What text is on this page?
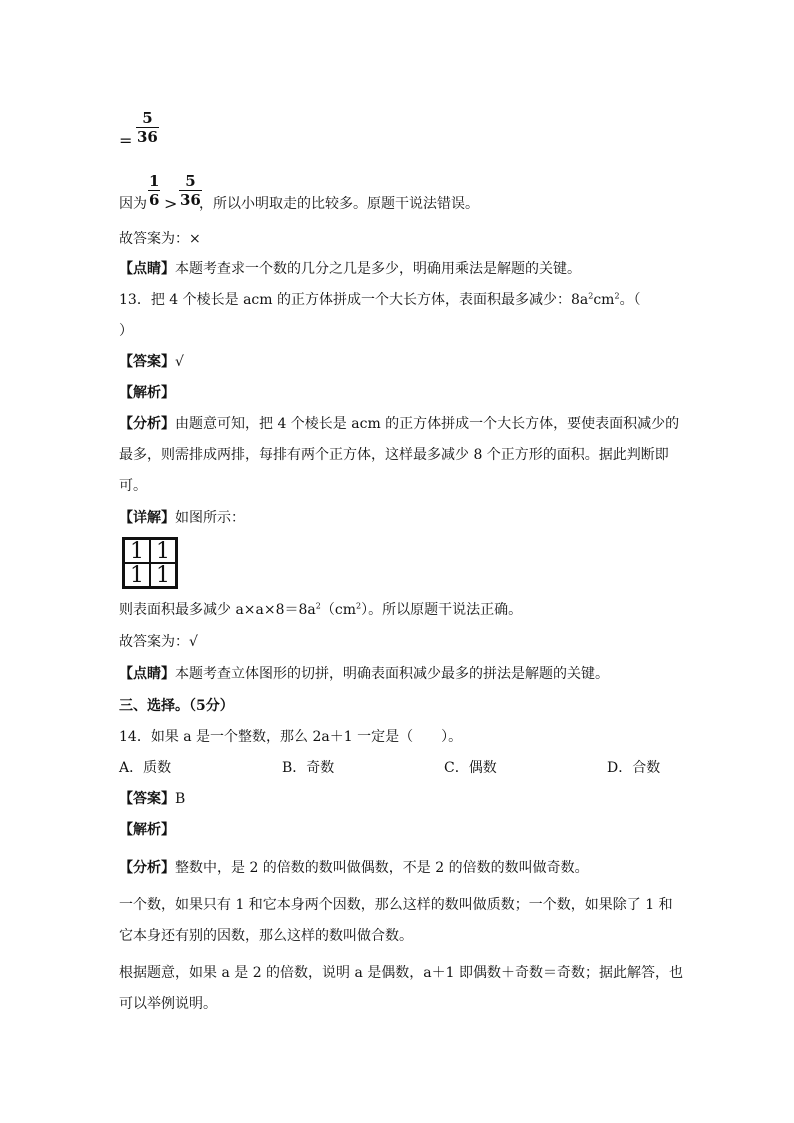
= $\frac{5}{36}$
因为 $\frac{1}{6} > \frac{5}{36}$
，所以小明取走的比较多。原题干说法错误。
故答案为：×
【点睛】本题考查求一个数的几分之几是多少，明确用乘法是解题的关键。
13．把 4 个棱长是 acm 的正方体拼成一个大长方体，表面积最多减少：$8a^2cm^2$。（
）
【答案】√
【解析】
【分析】由题意可知，把 4 个棱长是 acm 的正方体拼成一个大长方体，要使表面积减少的
最多，则需排成两排，每排有两个正方体，这样最多减少 8 个正方形的面积。据此判断即
可。
【详解】如图所示：
1 1
1 1
则表面积最多减少 $a\times a\times 8=8a^2(cm^2)$。所以原题干说法正确。
故答案为：√
【点睛】本题考查立体图形的切拼，明确表面积减少最多的拼法是解题的关键。
三、选择。（5分）
14．如果 a 是一个整数，那么 2a＋1 一定是（　　）。
A．质数	B．奇数	C．偶数	D．合数
【答案】B
【解析】
【分析】整数中，是 2 的倍数的数叫做偶数，不是 2 的倍数的数叫做奇数。
一个数，如果只有 1 和它本身两个因数，那么这样的数叫做质数；一个数，如果除了 1 和
它本身还有别的因数，那么这样的数叫做合数。
根据题意，如果 a 是 2 的倍数，说明 a 是偶数，a＋1 即偶数＋奇数＝奇数；据此解答，也
可以举例说明。
